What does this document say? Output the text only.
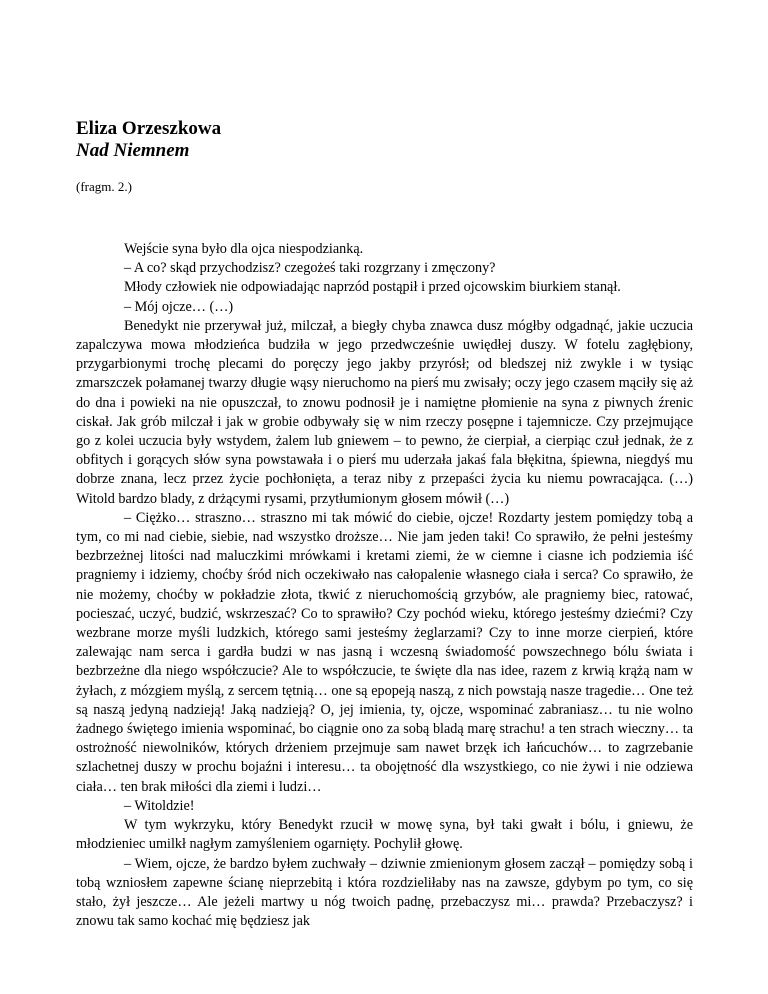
Eliza Orzeszkowa
Nad Niemnem
(fragm. 2.)

Wejście syna było dla ojca niespodzianką.

– A co? skąd przychodzisz? czegożeś taki rozgrzany i zmęczony?

Młody człowiek nie odpowiadając naprzód postąpił i przed ojcowskim biurkiem stanął.

– Mój ojcze… (…)

Benedykt nie przerywał już, milczał, a biegły chyba znawca dusz mógłby odgadnąć, jakie uczucia zapalczywa mowa młodzieńca budziła w jego przedwcześnie uwiędłej duszy. W fotelu zagłębiony, przygarbionymi trochę plecami do poręczy jego jakby przyrósł; od bledszej niż zwykle i w tysiąc zmarszczek połamanej twarzy długie wąsy nieruchomo na pierś mu zwisały; oczy jego czasem mąciły się aż do dna i powieki na nie opuszczał, to znowu podnosił je i namiętne płomienie na syna z piwnych źrenic ciskał. Jak grób milczał i jak w grobie odbywały się w nim rzeczy posępne i tajemnicze. Czy przejmujące go z kolei uczucia były wstydem, żalem lub gniewem – to pewno, że cierpiał, a cierpiąc czuł jednak, że z obfitych i gorących słów syna powstawała i o pierś mu uderzała jakaś fala błękitna, śpiewna, niegdyś mu dobrze znana, lecz przez życie pochłonięta, a teraz niby z przepaści życia ku niemu powracająca. (…) Witold bardzo blady, z drżącymi rysami, przytłumionym głosem mówił (…)

– Ciężko… straszno… straszno mi tak mówić do ciebie, ojcze! Rozdarty jestem pomiędzy tobą a tym, co mi nad ciebie, siebie, nad wszystko droższe… Nie jam jeden taki! Co sprawiło, że pełni jesteśmy bezbrzeżnej litości nad maluczkimi mrówkami i kretami ziemi, że w ciemne i ciasne ich podziemia iść pragniemy i idziemy, choćby śród nich oczekiwało nas całopalenie własnego ciała i serca? Co sprawiło, że nie możemy, choćby w pokładzie złota, tkwić z nieruchomością grzybów, ale pragniemy biec, ratować, pocieszać, uczyć, budzić, wskrzeszać? Co to sprawiło? Czy pochód wieku, którego jesteśmy dziećmi? Czy wezbrane morze myśli ludzkich, którego sami jesteśmy żeglarzami? Czy to inne morze cierpień, które zalewając nam serca i gardła budzi w nas jasną i wczesną świadomość powszechnego bólu świata i bezbrzeżne dla niego współczucie? Ale to współczucie, te święte dla nas idee, razem z krwią krążą nam w żyłach, z mózgiem myślą, z sercem tętnią… one są epopeją naszą, z nich powstają nasze tragedie… One też są naszą jedyną nadzieją! Jaką nadzieją? O, jej imienia, ty, ojcze, wspominać zabraniasz… tu nie wolno żadnego świętego imienia wspominać, bo ciągnie ono za sobą bladą marę strachu! a ten strach wieczny… ta ostrożność niewolników, których drżeniem przejmuje sam nawet brzęk ich łańcuchów… to zagrzebanie szlachetnej duszy w prochu bojaźni i interesu… ta obojętność dla wszystkiego, co nie żywi i nie odziewa ciała… ten brak miłości dla ziemi i ludzi…

– Witoldzie!

W tym wykrzyku, który Benedykt rzucił w mowę syna, był taki gwałt i bólu, i gniewu, że młodzieniec umilkł nagłym zamyśleniem ogarnięty. Pochylił głowę.

– Wiem, ojcze, że bardzo byłem zuchwały – dziwnie zmienionym głosem zaczął – pomiędzy sobą i tobą wzniosłem zapewne ścianę nieprzebitą i która rozdzieliłaby nas na zawsze, gdybym po tym, co się stało, żył jeszcze… Ale jeżeli martwy u nóg twoich padnę, przebaczysz mi… prawda? Przebaczysz? i znowu tak samo kochać mię będziesz jak
